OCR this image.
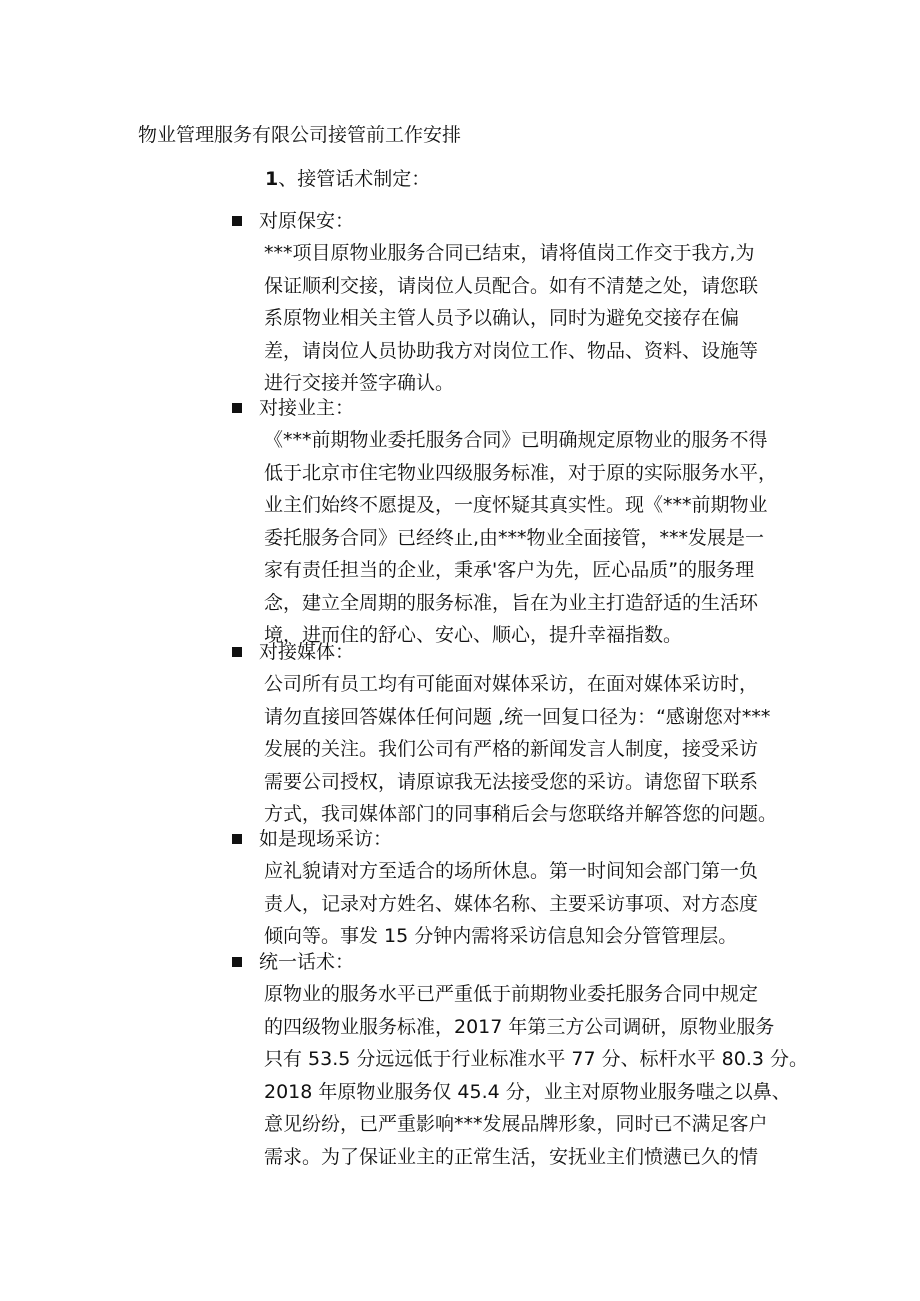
物业管理服务有限公司接管前工作安排
1、接管话术制定：
对原保安：
***项目原物业服务合同已结束，请将值岗工作交于我方,为
保证顺利交接，请岗位人员配合。如有不清楚之处，请您联
系原物业相关主管人员予以确认，同时为避免交接存在偏
差，请岗位人员协助我方对岗位工作、物品、资料、设施等
进行交接并签字确认。
对接业主：
《***前期物业委托服务合同》已明确规定原物业的服务不得
低于北京市住宅物业四级服务标准，对于原的实际服务水平，
业主们始终不愿提及，一度怀疑其真实性。现《***前期物业
委托服务合同》已经终止,由***物业全面接管，***发展是一
家有责任担当的企业，秉承'客户为先，匠心品质”的服务理
念，建立全周期的服务标准，旨在为业主打造舒适的生活环
境，进而住的舒心、安心、顺心，提升幸福指数。
对接媒体：
公司所有员工均有可能面对媒体采访，在面对媒体采访时，
请勿直接回答媒体任何问题 ,统一回复口径为：“感谢您对***
发展的关注。我们公司有严格的新闻发言人制度，接受采访
需要公司授权，请原谅我无法接受您的采访。请您留下联系
方式，我司媒体部门的同事稍后会与您联络并解答您的问题。
如是现场采访：
应礼貌请对方至适合的场所休息。第一时间知会部门第一负
责人，记录对方姓名、媒体名称、主要采访事项、对方态度
倾向等。事发 15 分钟内需将采访信息知会分管管理层。
统一话术：
原物业的服务水平已严重低于前期物业委托服务合同中规定
的四级物业服务标准，2017 年第三方公司调研，原物业服务
只有 53.5 分远远低于行业标准水平 77 分、标杆水平 80.3 分。
2018 年原物业服务仅 45.4 分，业主对原物业服务嗤之以鼻、
意见纷纷，已严重影响***发展品牌形象，同时已不满足客户
需求。为了保证业主的正常生活，安抚业主们愤懑已久的情
